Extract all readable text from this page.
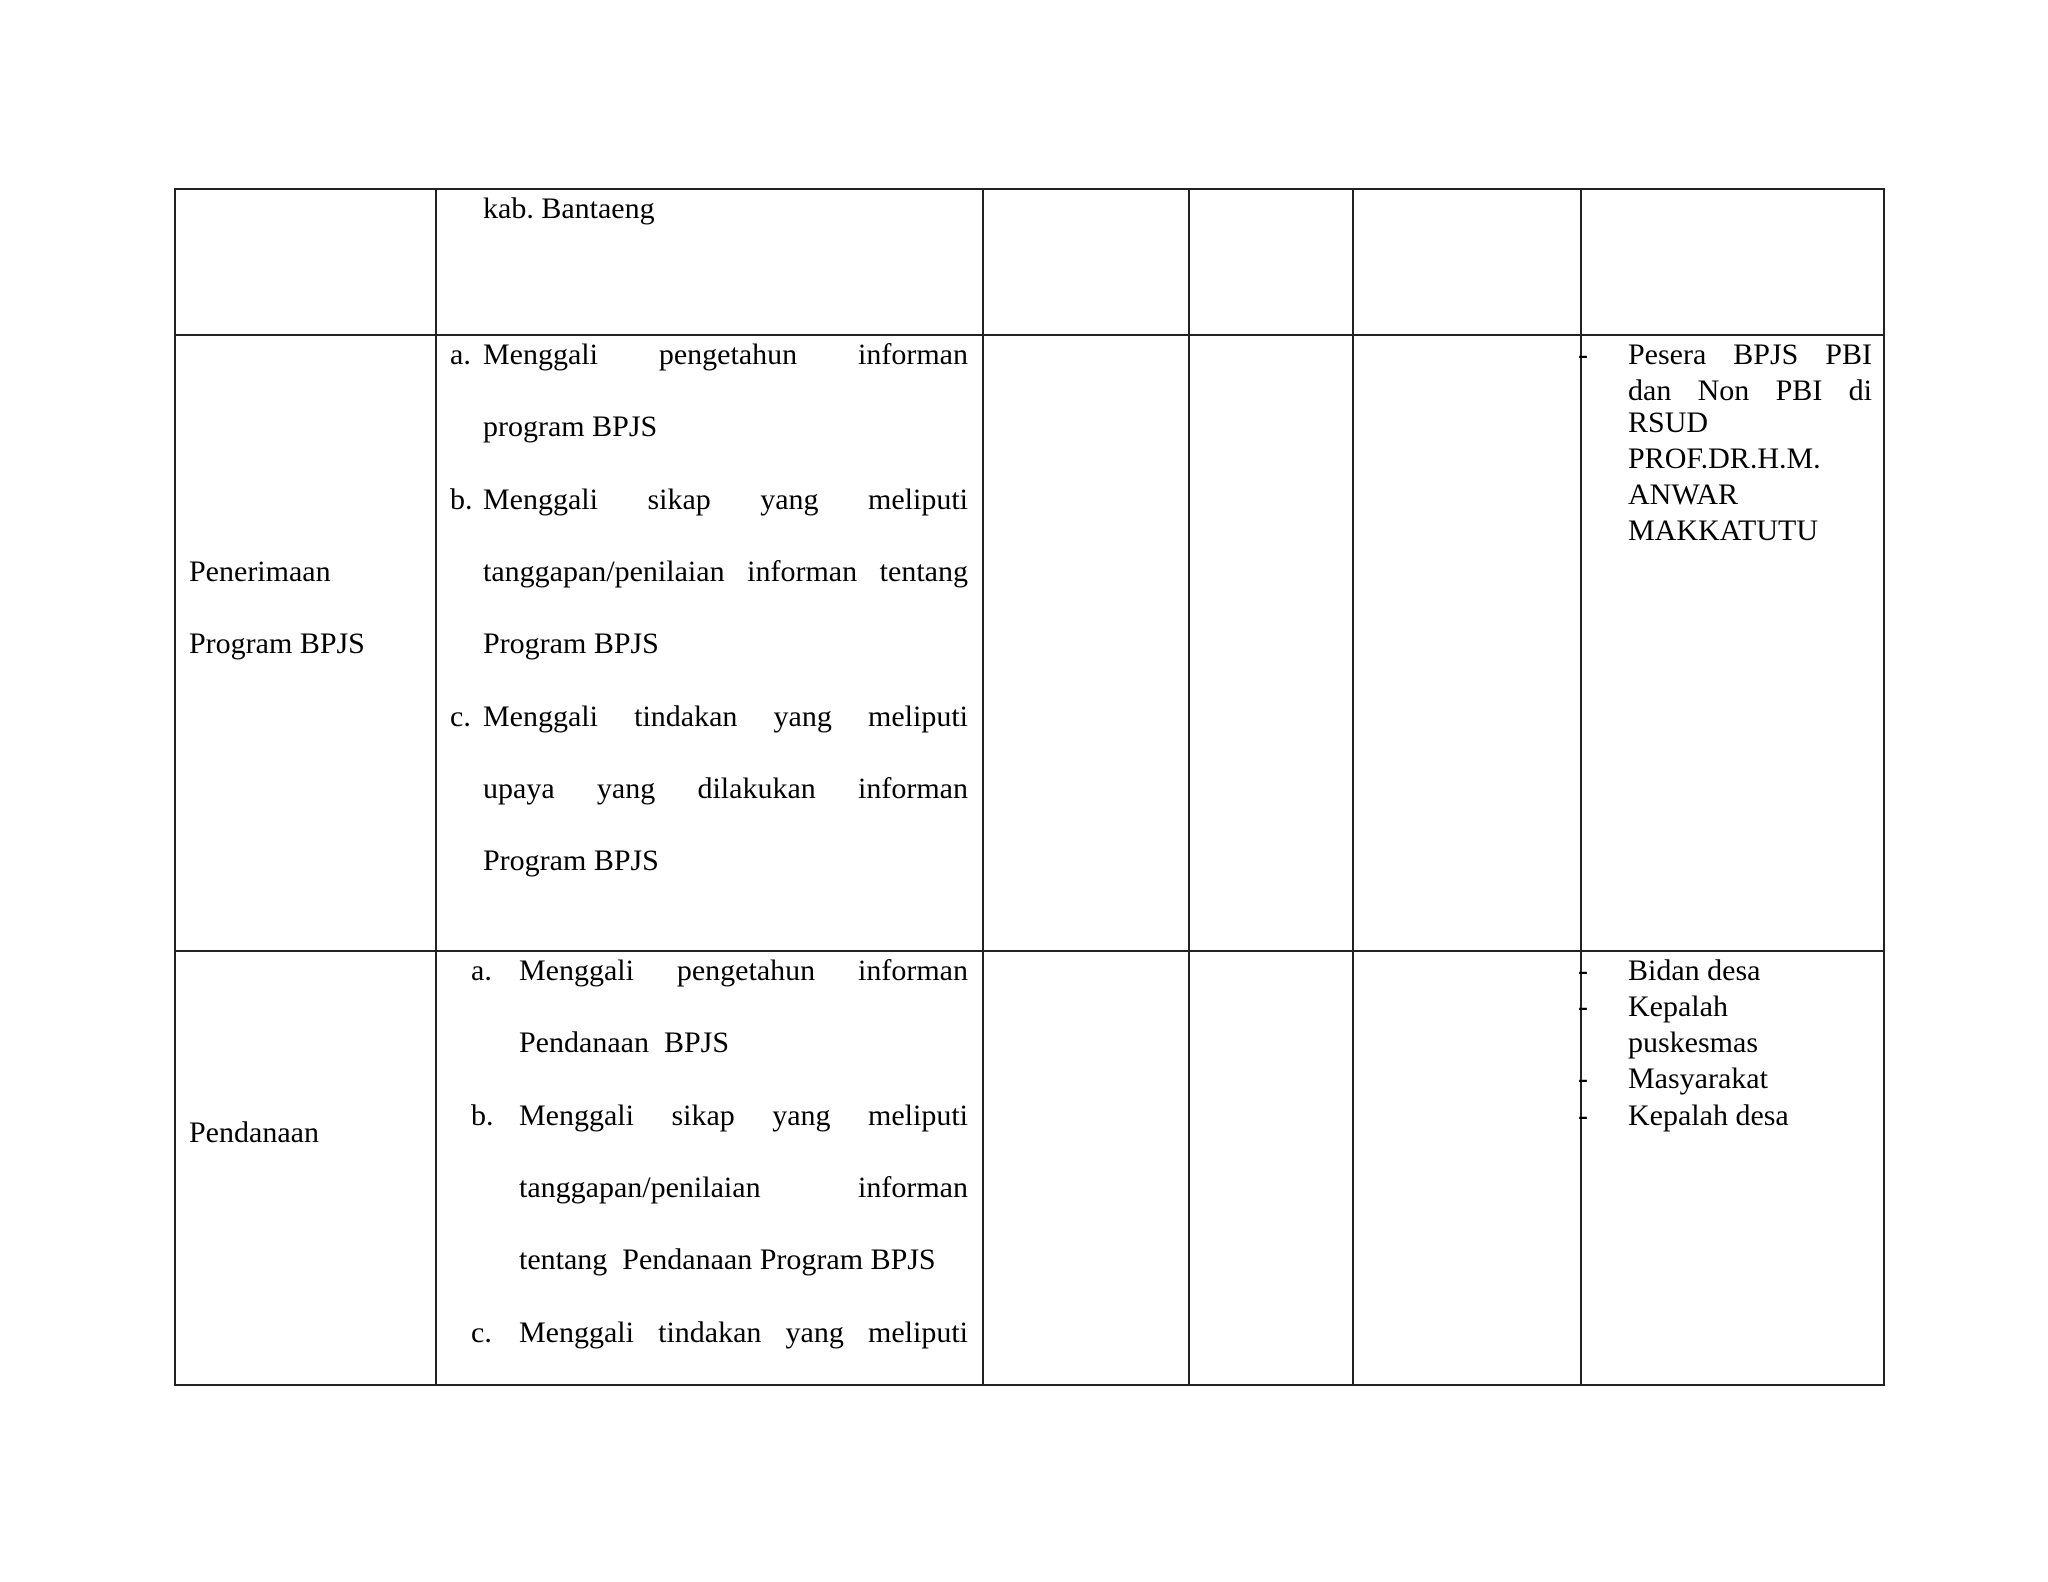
kab. Bantaeng
Penerimaan
Program BPJS
a. Menggali pengetahun informan
program BPJS
b. Menggali sikap yang meliputi
tanggapan/penilaian informan tentang
Program BPJS
c. Menggali tindakan yang meliputi
upaya yang dilakukan informan
Program BPJS
- Pesera BPJS PBI
dan Non PBI di
RSUD
PROF.DR.H.M.
ANWAR
MAKKATUTU
Pendanaan
a. Menggali pengetahun informan
Pendanaan  BPJS
b. Menggali sikap yang meliputi
tanggapan/penilaian	informan
tentang  Pendanaan Program BPJS
c. Menggali tindakan yang meliputi
- Bidan desa
- Kepalah
puskesmas
- Masyarakat
- Kepalah desa
